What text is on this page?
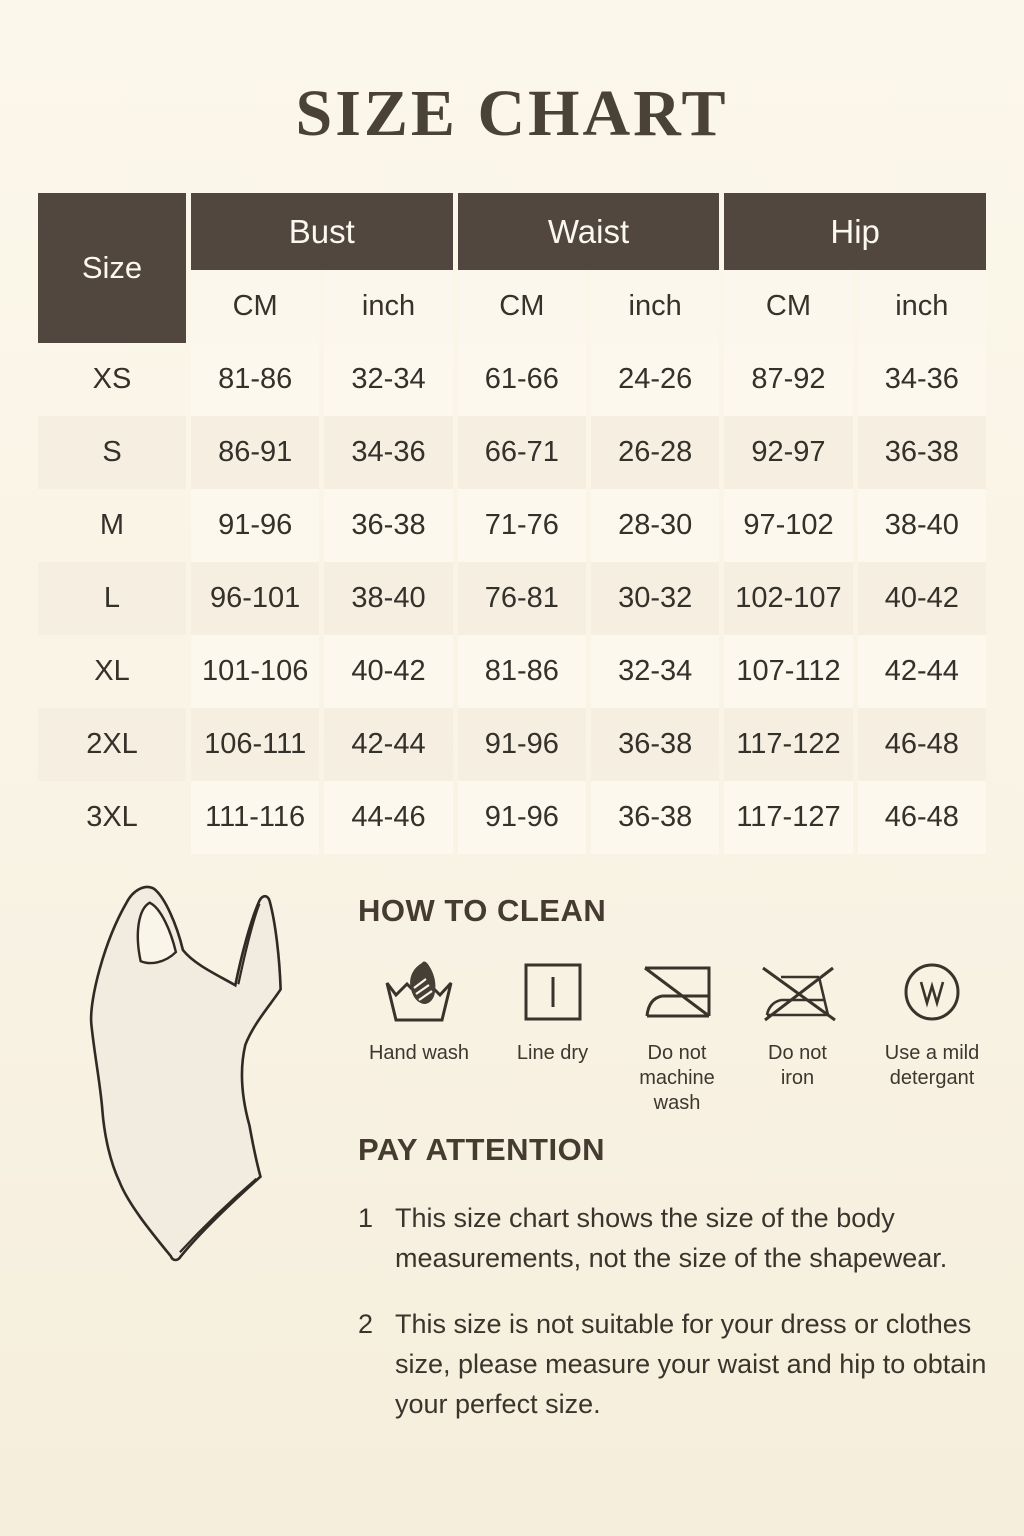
SIZE CHART
Size	Bust		Waist		Hip	
	CM	inch	CM	inch	CM	inch
XS	81-86	32-34	61-66	24-26	87-92	34-36
S	86-91	34-36	66-71	26-28	92-97	36-38
M	91-96	36-38	71-76	28-30	97-102	38-40
L	96-101	38-40	76-81	30-32	102-107	40-42
XL	101-106	40-42	81-86	32-34	107-112	42-44
2XL	106-111	42-44	91-96	36-38	117-122	46-48
3XL	111-116	44-46	91-96	36-38	117-127	46-48
HOW TO CLEAN
Hand wash	Line dry	Do not machine wash
Do not iron
Use a mild detergant
PAY ATTENTION
1 This size chart shows the size of the body measurements, not the size of the shapewear.
2 This size is not suitable for your dress or clothes size, please measure your waist and hip to obtain your perfect size.
